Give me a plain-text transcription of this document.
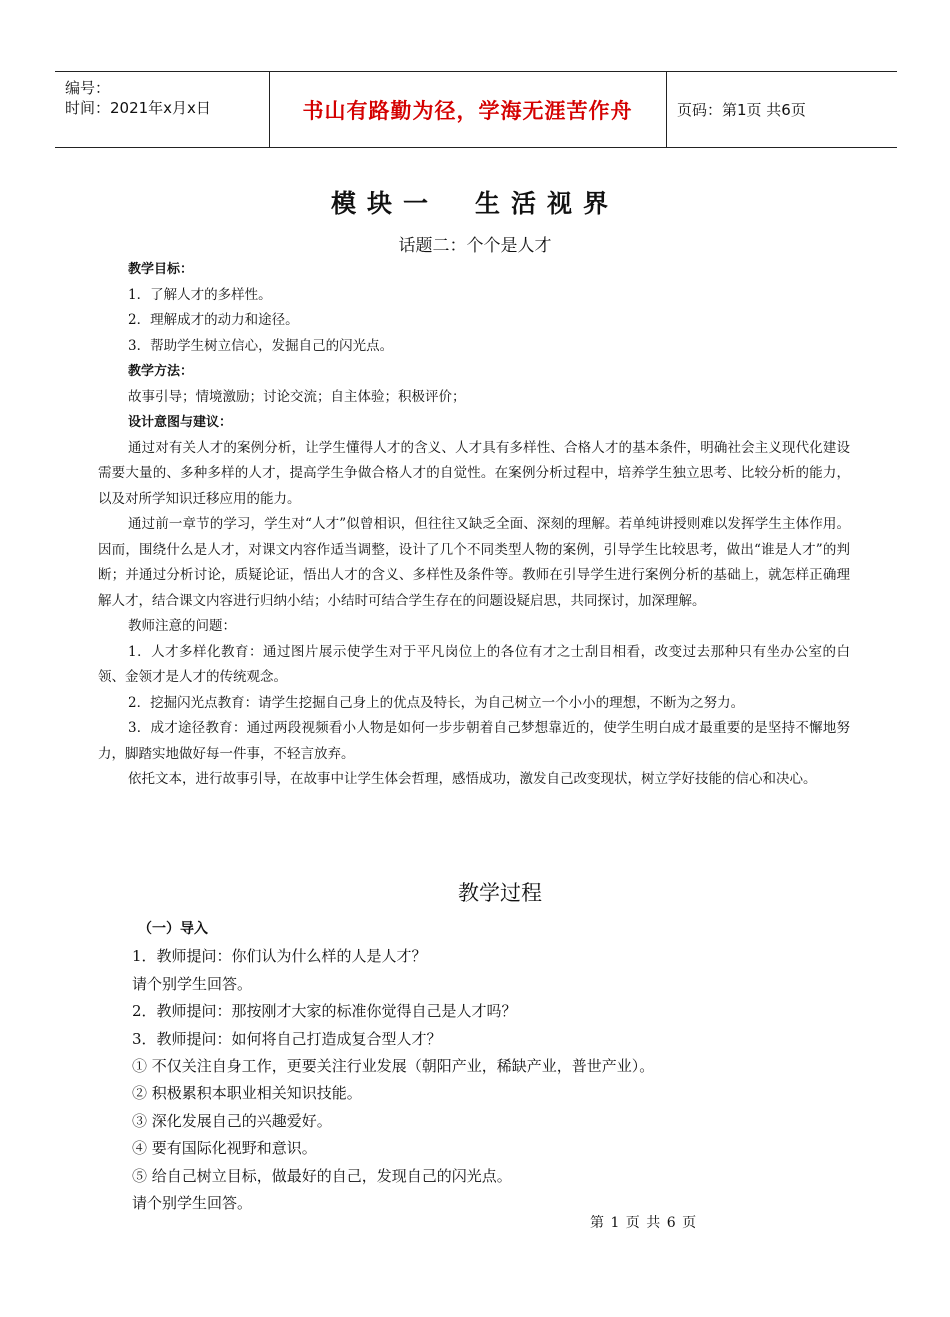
编号：
时间：2021年x月x日	书山有路勤为径，学海无涯苦作舟	页码：第1页 共6页
模块一　生活视界
话题二：个个是人才

教学目标：

1．了解人才的多样性。

2．理解成才的动力和途径。

3．帮助学生树立信心，发掘自己的闪光点。

教学方法：

故事引导；情境激励；讨论交流；自主体验；积极评价；

设计意图与建议：

通过对有关人才的案例分析，让学生懂得人才的含义、人才具有多样性、合格人才的基本条件，明确社会主义现代化建设需要大量的、多种多样的人才，提高学生争做合格人才的自觉性。在案例分析过程中，培养学生独立思考、比较分析的能力，以及对所学知识迁移应用的能力。

通过前一章节的学习，学生对“人才”似曾相识，但往往又缺乏全面、深刻的理解。若单纯讲授则难以发挥学生主体作用。因而，围绕什么是人才，对课文内容作适当调整，设计了几个不同类型人物的案例，引导学生比较思考，做出“谁是人才”的判断；并通过分析讨论，质疑论证，悟出人才的含义、多样性及条件等。教师在引导学生进行案例分析的基础上，就怎样正确理解人才，结合课文内容进行归纳小结；小结时可结合学生存在的问题设疑启思，共同探讨，加深理解。

教师注意的问题：

1．人才多样化教育：通过图片展示使学生对于平凡岗位上的各位有才之士刮目相看，改变过去那种只有坐办公室的白领、金领才是人才的传统观念。

2．挖掘闪光点教育：请学生挖掘自己身上的优点及特长，为自己树立一个小小的理想，不断为之努力。

3．成才途径教育：通过两段视频看小人物是如何一步步朝着自己梦想靠近的，使学生明白成才最重要的是坚持不懈地努力，脚踏实地做好每一件事，不轻言放弃。

依托文本，进行故事引导，在故事中让学生体会哲理，感悟成功，激发自己改变现状，树立学好技能的信心和决心。

教学过程

（一）导入

1．教师提问：你们认为什么样的人是人才？

请个别学生回答。

2．教师提问：那按刚才大家的标准你觉得自己是人才吗？

3．教师提问：如何将自己打造成复合型人才？

① 不仅关注自身工作，更要关注行业发展（朝阳产业，稀缺产业，普世产业）。

② 积极累积本职业相关知识技能。

③ 深化发展自己的兴趣爱好。

④ 要有国际化视野和意识。

⑤ 给自己树立目标，做最好的自己，发现自己的闪光点。

请个别学生回答。

第 1 页 共 6 页
